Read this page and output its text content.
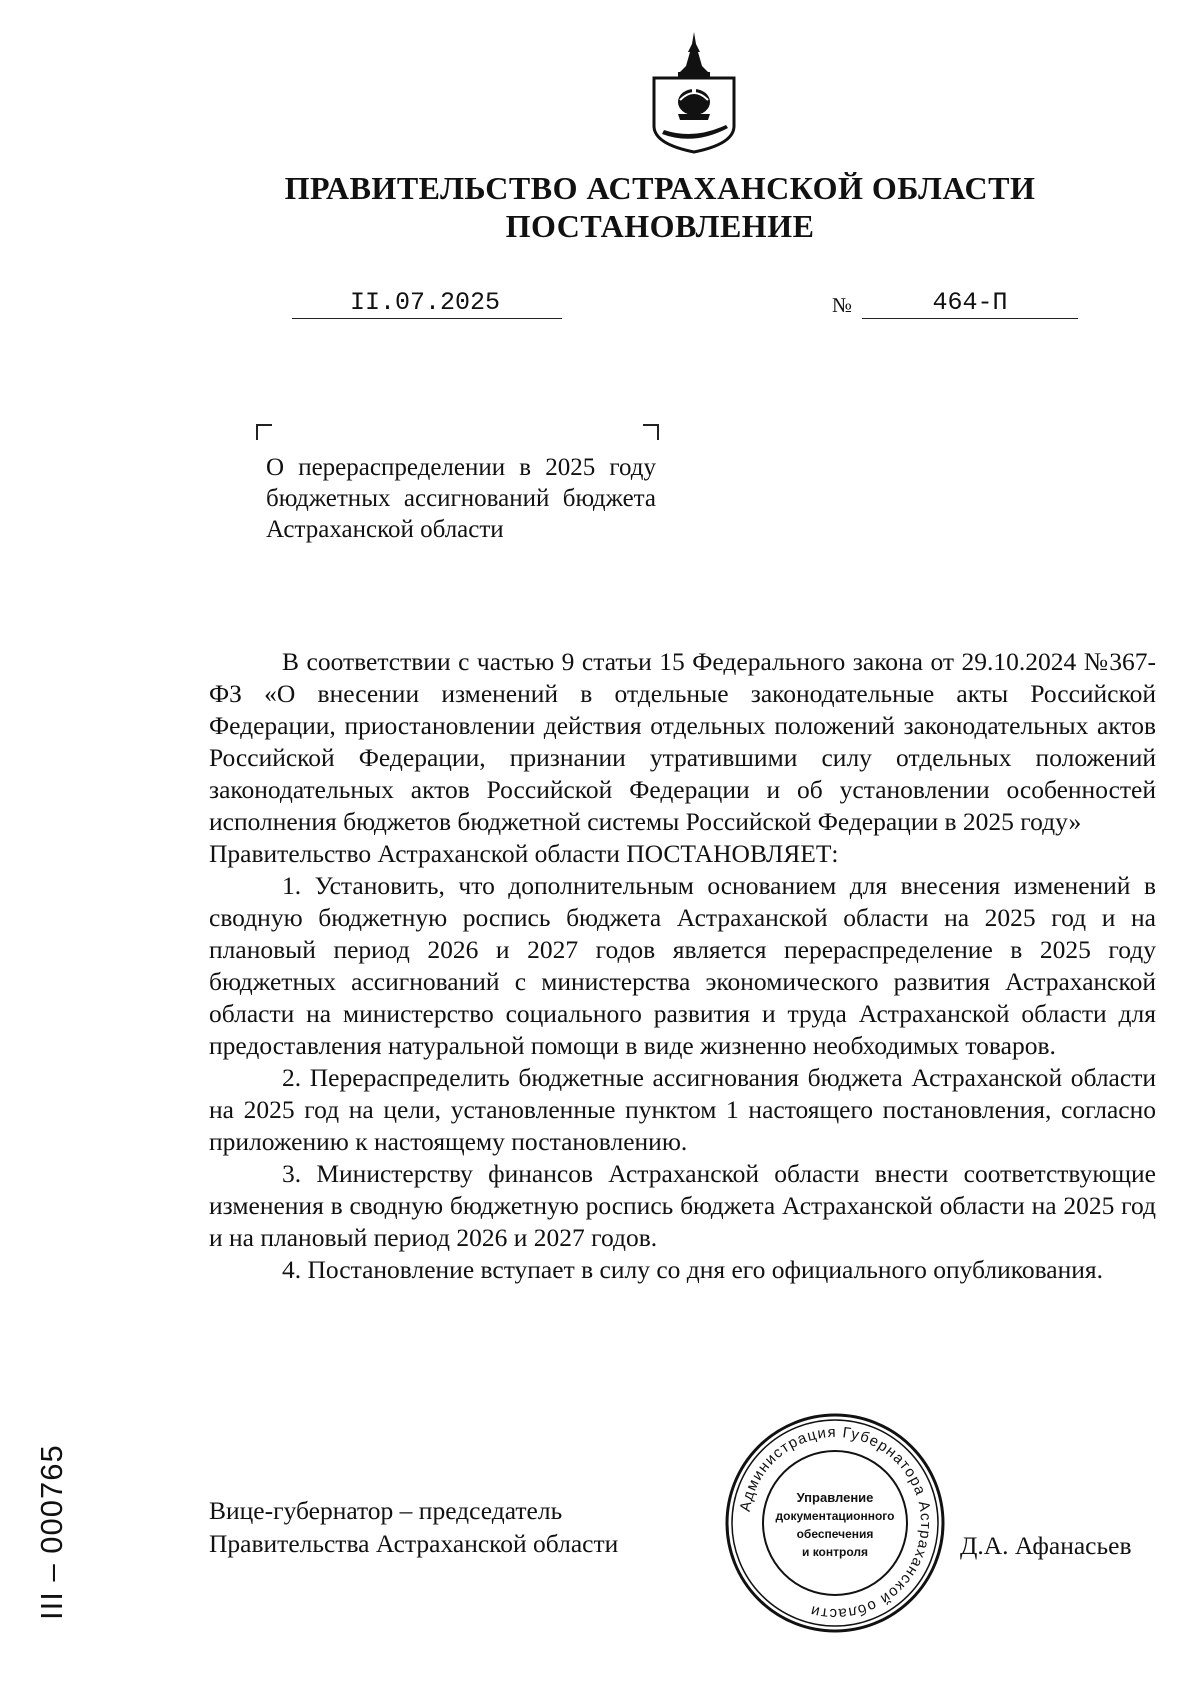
ПРАВИТЕЛЬСТВО АСТРАХАНСКОЙ ОБЛАСТИ
ПОСТАНОВЛЕНИЕ
II.07.2025	№	464-П
О перераспределении в 2025 году бюджетных ассигнований бюджета Астраханской области

В соответствии с частью 9 статьи 15 Федерального закона от 29.10.2024 №367-ФЗ «О внесении изменений в отдельные законодательные акты Российской Федерации, приостановлении действия отдельных положений законодательных актов Российской Федерации, признании утратившими силу отдельных положений законодательных актов Российской Федерации и об установлении особенностей исполнения бюджетов бюджетной системы Российской Федерации в 2025 году»

Правительство Астраханской области ПОСТАНОВЛЯЕТ:

1. Установить, что дополнительным основанием для внесения изменений в сводную бюджетную роспись бюджета Астраханской области на 2025 год и на плановый период 2026 и 2027 годов является перераспределение в 2025 году бюджетных ассигнований с министерства экономического развития Астраханской области на министерство социального развития и труда Астраханской области для предоставления натуральной помощи в виде жизненно необходимых товаров.

2. Перераспределить бюджетные ассигнования бюджета Астраханской области на 2025 год на цели, установленные пунктом 1 настоящего постановления, согласно приложению к настоящему постановлению.

3. Министерству финансов Астраханской области внести соответствующие изменения в сводную бюджетную роспись бюджета Астраханской области на 2025 год и на плановый период 2026 и 2027 годов.

4. Постановление вступает в силу со дня его официального опубликования.

Вице-губернатор – председатель
Правительства Астраханской области
Администрация Губернатора Астраханской области
Управление
документационного
обеспечения
и контроля	Д.А. Афанасьев
III – 000765
